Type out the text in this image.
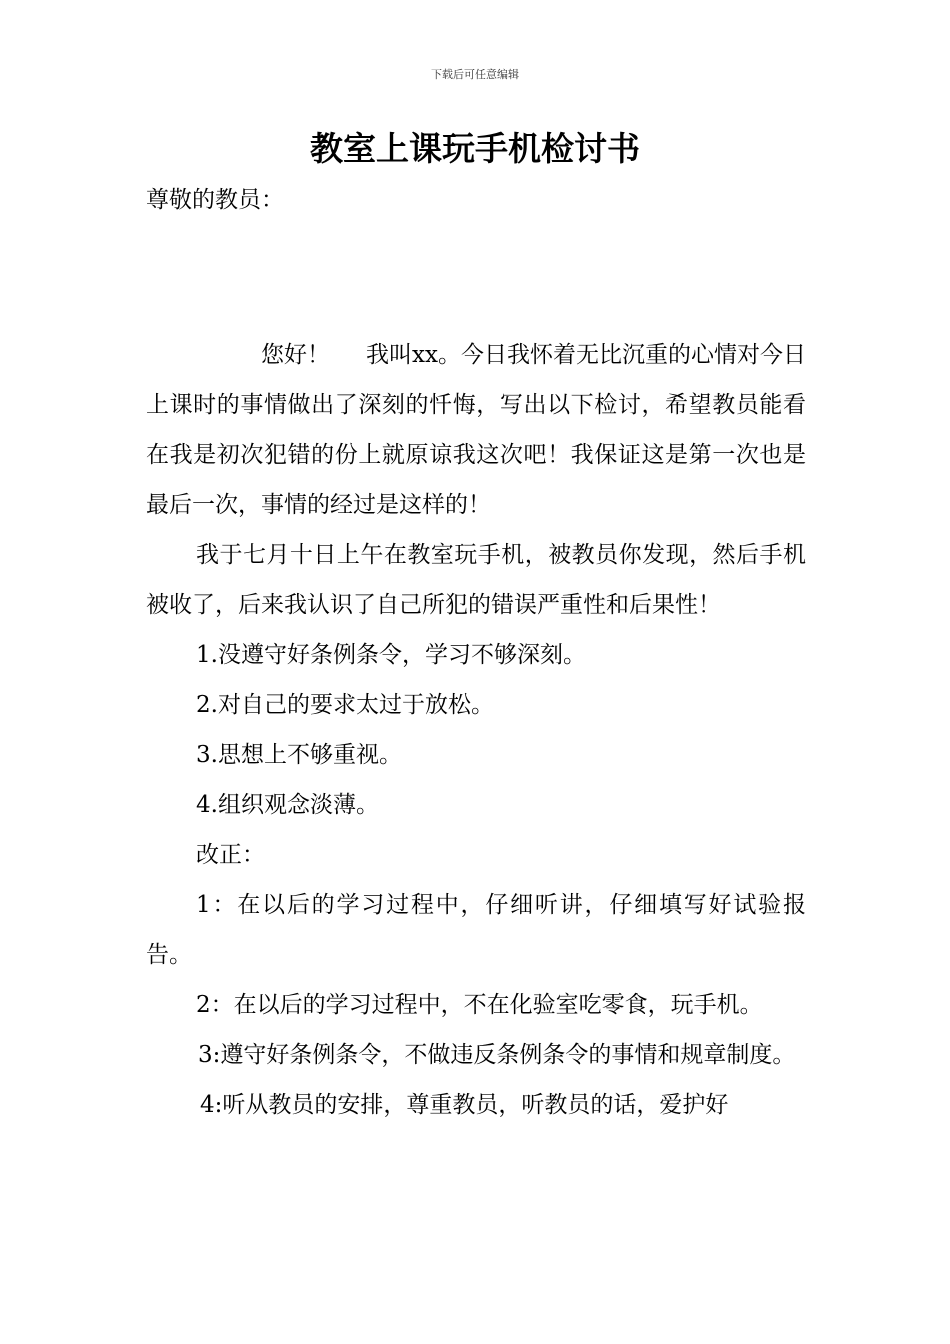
下载后可任意编辑
教室上课玩手机检讨书
尊敬的教员：

您好！ 我叫xx。今日我怀着无比沉重的心情对今日上课时的事情做出了深刻的忏悔，写出以下检讨，希望教员能看在我是初次犯错的份上就原谅我这次吧！我保证这是第一次也是最后一次，事情的经过是这样的！

我于七月十日上午在教室玩手机，被教员你发现，然后手机被收了，后来我认识了自己所犯的错误严重性和后果性！

1.没遵守好条例条令，学习不够深刻。

2.对自己的要求太过于放松。

3.思想上不够重视。

4.组织观念淡薄。

改正：

1：在以后的学习过程中，仔细听讲，仔细填写好试验报告。

2：在以后的学习过程中，不在化验室吃零食，玩手机。

3:遵守好条例条令，不做违反条例条令的事情和规章制度。

4:听从教员的安排，尊重教员，听教员的话，爱护好
